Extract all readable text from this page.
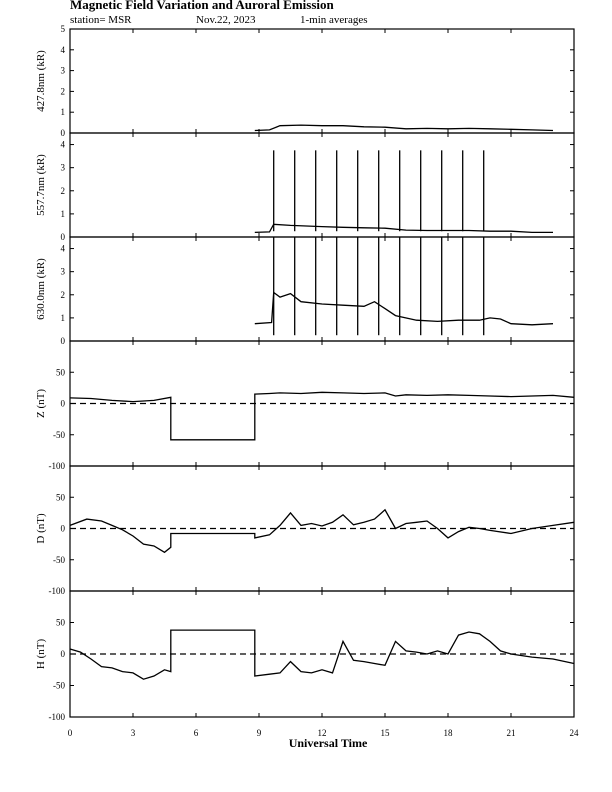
Magnetic Field Variation and Auroral Emission
station= MSR	Nov.22, 2023	1-min averages
0
1
2
3
4
5
427.8nm (kR)
0
1
2
3
4
557.7nm (kR)
0
1
2
3
4
630.0nm (kR)
-100
-50
0
50
Z (nT)
-100
-50
0
50
D (nT)
-100
-50
0
50
H (nT)
0	3	6	9	12	15	18	21	24
Universal Time
